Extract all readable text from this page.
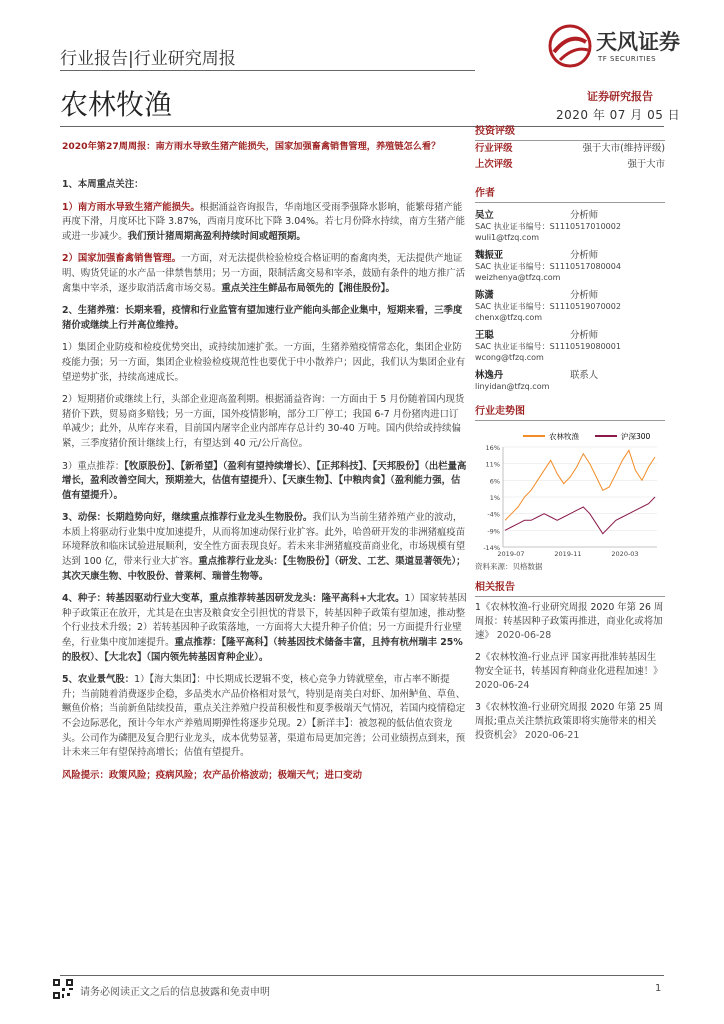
行业报告|行业研究周报
农林牧渔
天风证券
TF SECURITIES
证券研究报告
2020 年 07 月 05 日
2020年第27周周报：南方雨水导致生猪产能损失，国家加强畜禽销售管理，养殖链怎么看？

1、本周重点关注：

1）南方雨水导致生猪产能损失。根据涌益咨询报告，华南地区受雨季强降水影响，能繁母猪产能再度下滑，月度环比下降 3.87%，西南月度环比下降 3.04%。若七月份降水持续，南方生猪产能或进一步减少。我们预计猪周期高盈利持续时间或超预期。

2）国家加强畜禽销售管理。一方面，对无法提供检验检疫合格证明的畜禽肉类，无法提供产地证明、购货凭证的水产品一律禁售禁用；另一方面，限制活禽交易和宰杀，鼓励有条件的地方推广活禽集中宰杀，逐步取消活禽市场交易。重点关注生鲜品布局领先的【湘佳股份】。

2、生猪养殖：长期来看，疫情和行业监管有望加速行业产能向头部企业集中，短期来看，三季度猪价或继续上行并高位维持。

1）集团企业防疫和检疫优势突出，或持续加速扩张。一方面，生猪养殖疫情常态化，集团企业防疫能力强；另一方面，集团企业检验检疫规范性也要优于中小散养户；因此，我们认为集团企业有望逆势扩张，持续高速成长。

2）短期猪价或继续上行，头部企业迎高盈利期。根据涌益咨询：一方面由于 5 月份随着国内现货猪价下跌，贸易商多赔钱；另一方面，国外疫情影响，部分工厂停工；我国 6-7 月份猪肉进口订单减少；此外，从库存来看，目前国内屠宰企业内部库存总计约 30-40 万吨。国内供给或持续偏紧，三季度猪价预计继续上行，有望达到 40 元/公斤高位。

3）重点推荐：【牧原股份】、【新希望】（盈利有望持续增长）、【正邦科技】、【天邦股份】（出栏量高增长，盈利改善空间大，预期差大，估值有望提升）、【天康生物】、【中粮肉食】（盈利能力强，估值有望提升）。

3、动保：长期趋势向好，继续重点推荐行业龙头生物股份。我们认为当前生猪养殖产业的波动，本质上将驱动行业集中度加速提升，从而将加速动保行业扩容。此外，哈兽研开发的非洲猪瘟疫苗环境释放和临床试验进展顺利，安全性方面表现良好。若未来非洲猪瘟疫苗商业化，市场规模有望达到 100 亿，带来行业大扩容。重点推荐行业龙头：【生物股份】（研发、工艺、渠道显著领先）；其次天康生物、中牧股份、普莱柯、瑞普生物等。

4、种子：转基因驱动行业大变革，重点推荐转基因研发龙头：隆平高科+大北农。1）国家转基因种子政策正在放开，尤其是在虫害及粮食安全引担忧的背景下，转基因种子政策有望加速，推动整个行业技术升级；2）若转基因种子政策落地，一方面将大大提升种子价值；另一方面提升行业壁垒，行业集中度加速提升。重点推荐：【隆平高科】（转基因技术储备丰富，且持有杭州瑞丰 25%的股权）、【大北农】（国内领先转基因育种企业）。

5、农业景气股：1）【海大集团】：中长期成长逻辑不变，核心竞争力铸就壁垒，市占率不断提升；当前随着消费逐步企稳，多品类水产品价格相对景气，特别是南美白对虾、加州鲈鱼、草鱼、鳜鱼价格；当前新鱼陆续投苗，重点关注养殖户投苗积极性和夏季极端天气情况，若国内疫情稳定不会边际恶化，预计今年水产养殖周期弹性将逐步兑现。2）【新洋丰】：被忽视的低估值农资龙头。公司作为磷肥及复合肥行业龙头，成本优势显著，渠道布局更加完善；公司业绩拐点到来，预计未来三年有望保持高增长；估值有望提升。

风险提示：政策风险；疫病风险；农产品价格波动；极端天气；进口变动

投资评级
行业评级	强于大市(维持评级)
上次评级	强于大市
作者
吴立	分析师
SAC 执业证书编号：S1110517010002
wuli1@tfzq.com
魏振亚	分析师
SAC 执业证书编号：S1110517080004
weizhenya@tfzq.com
陈潇	分析师
SAC 执业证书编号：S1110519070002
chenx@tfzq.com
王聪	分析师
SAC 执业证书编号：S1110519080001
wcong@tfzq.com
林逸丹	联系人
linyidan@tfzq.com
行业走势图
农林牧渔	沪深300
16%
11%
6%
1%
-4%
-9%
-14%
2019-07	2019-11	2020-03
资料来源：贝格数据
相关报告

1《农林牧渔-行业研究周报 2020 年第 26 周周报：转基因种子政策再推进，商业化或将加速》 2020-06-28

2《农林牧渔-行业点评 国家再批准转基因生物安全证书，转基因育种商业化进程加速！》 2020-06-24

3《农林牧渔-行业研究周报 2020 年第 25 周周报;重点关注禁抗政策即将实施带来的相关投资机会》 2020-06-21

请务必阅读正文之后的信息披露和免责申明	1
